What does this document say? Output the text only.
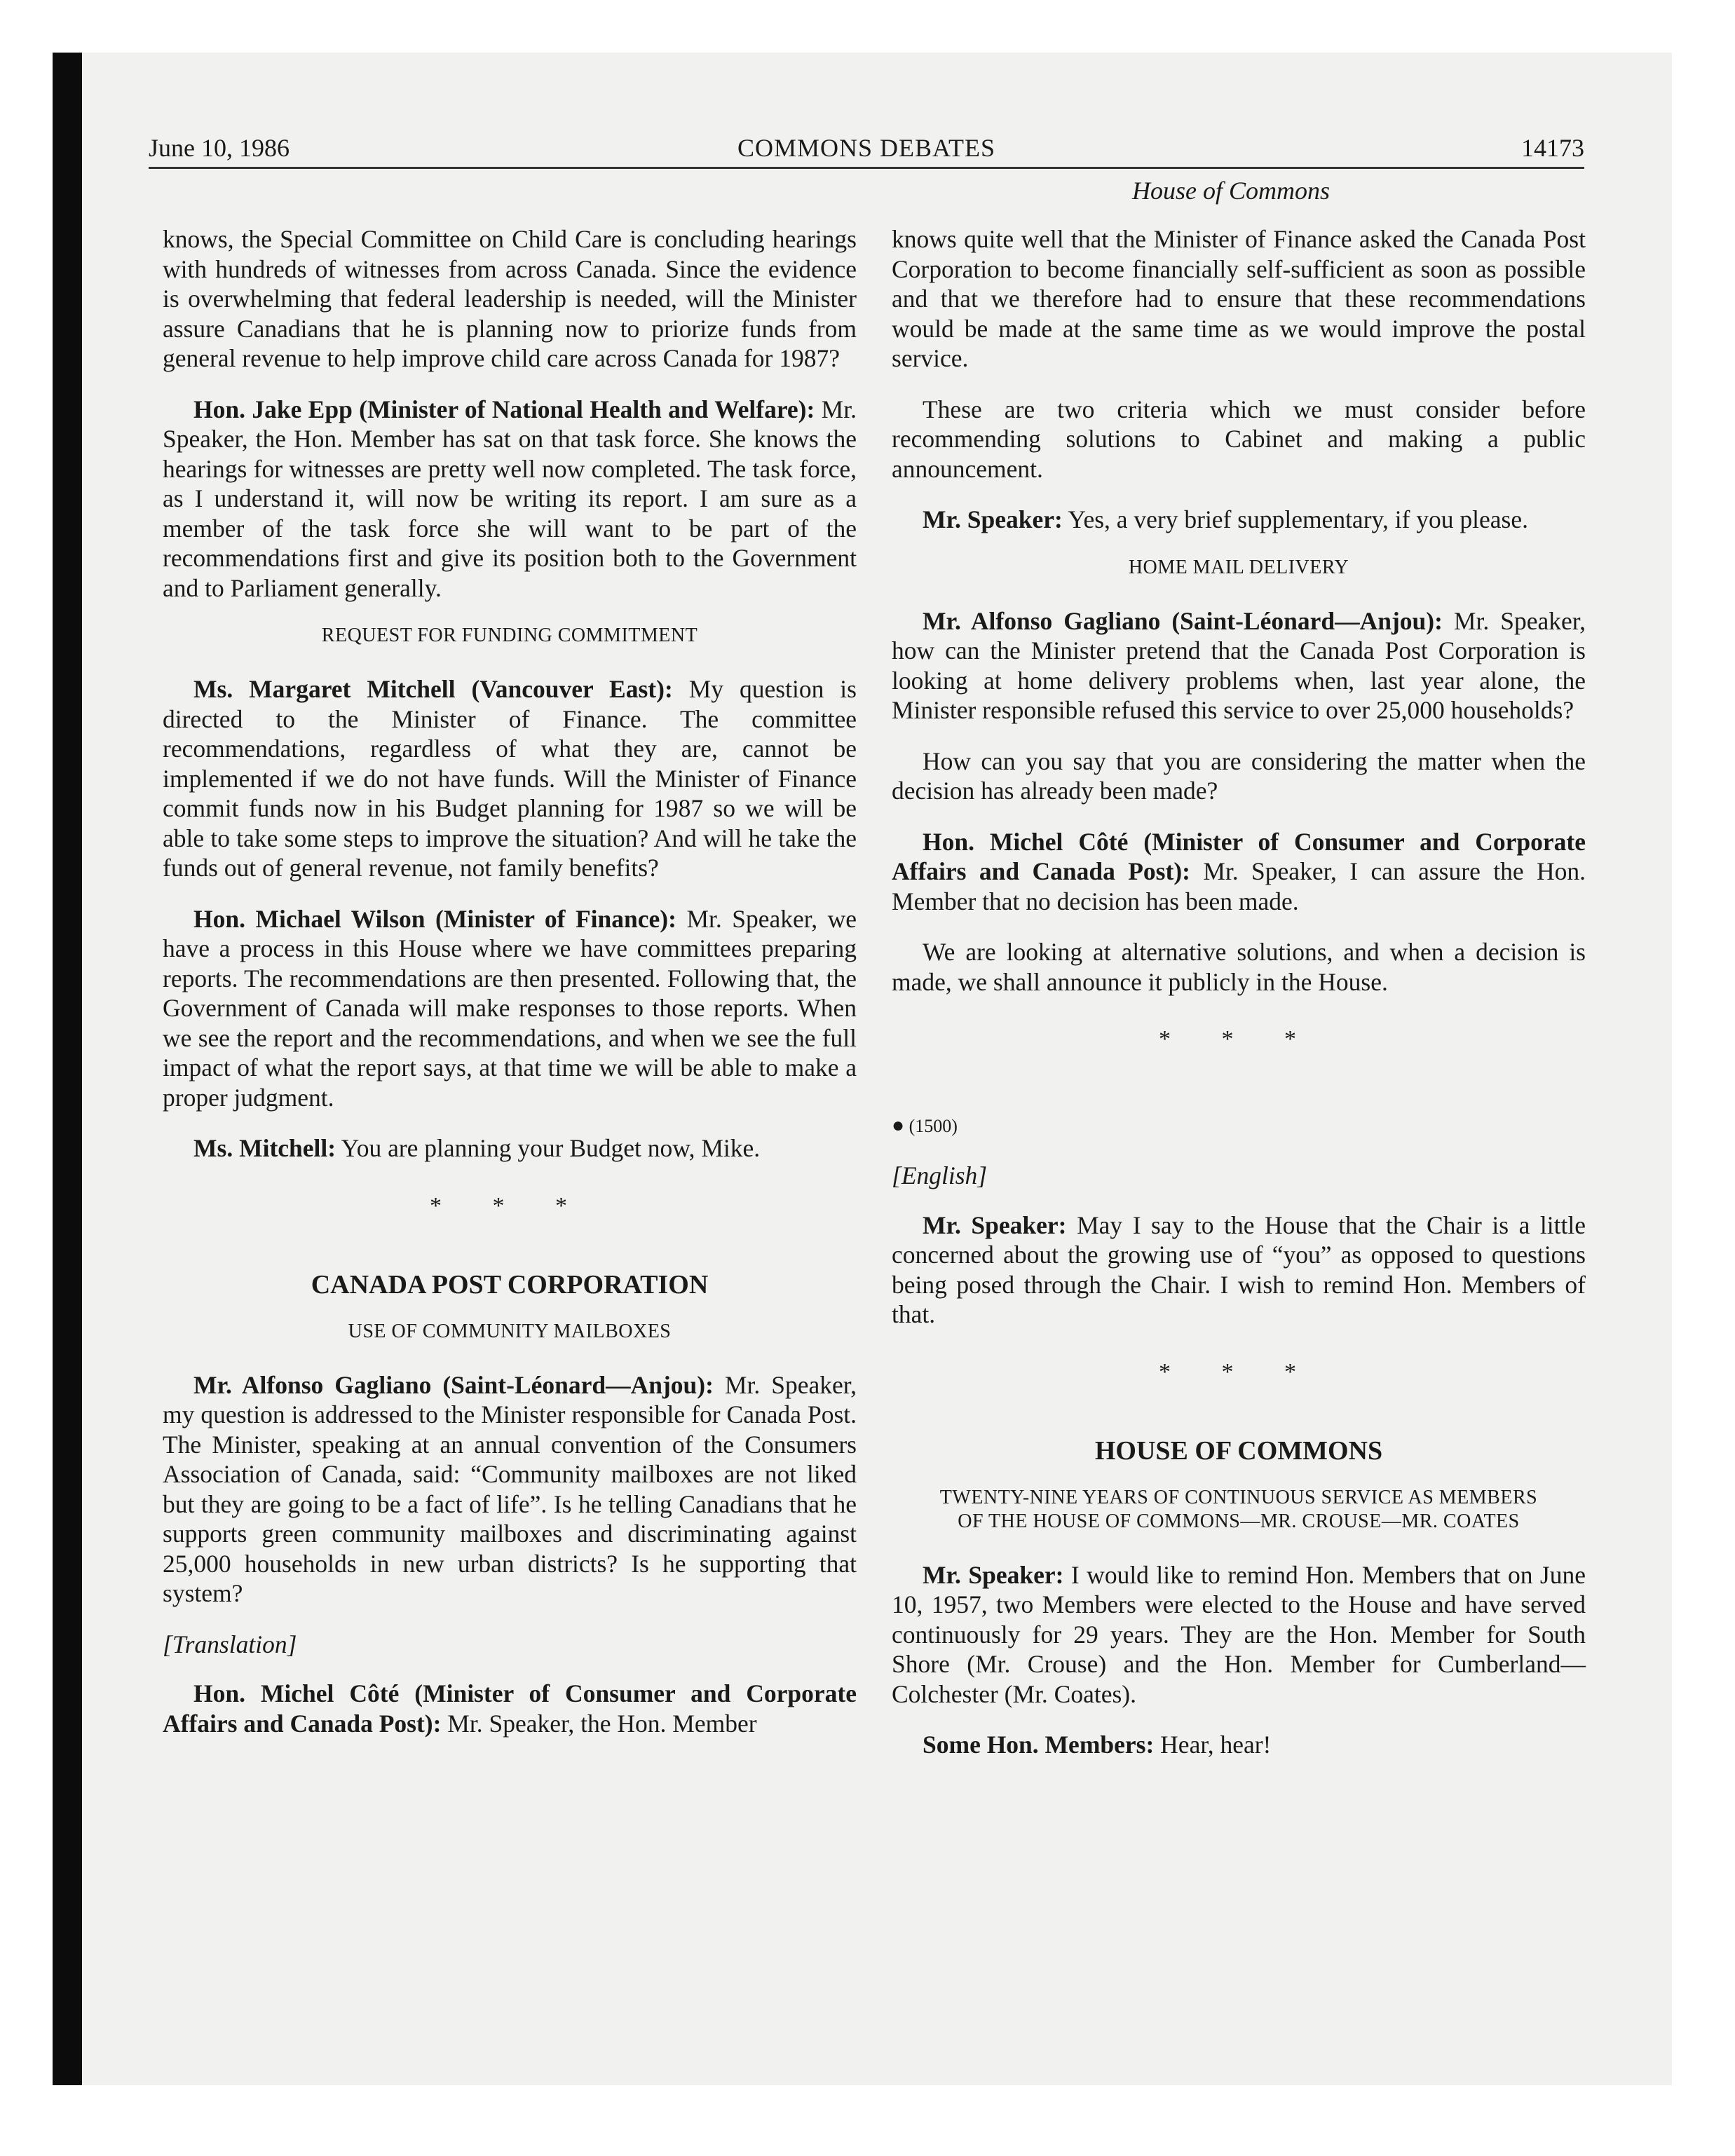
June 10, 1986	COMMONS DEBATES	14173
House of Commons

knows, the Special Committee on Child Care is concluding hearings with hundreds of witnesses from across Canada. Since the evidence is overwhelming that federal leadership is needed, will the Minister assure Canadians that he is planning now to priorize funds from general revenue to help improve child care across Canada for 1987?

Hon. Jake Epp (Minister of National Health and Welfare): Mr. Speaker, the Hon. Member has sat on that task force. She knows the hearings for witnesses are pretty well now completed. The task force, as I understand it, will now be writing its report. I am sure as a member of the task force she will want to be part of the recommendations first and give its position both to the Government and to Parliament generally.

REQUEST FOR FUNDING COMMITMENT

Ms. Margaret Mitchell (Vancouver East): My question is directed to the Minister of Finance. The committee recommendations, regardless of what they are, cannot be implemented if we do not have funds. Will the Minister of Finance commit funds now in his Budget planning for 1987 so we will be able to take some steps to improve the situation? And will he take the funds out of general revenue, not family benefits?

Hon. Michael Wilson (Minister of Finance): Mr. Speaker, we have a process in this House where we have committees preparing reports. The recommendations are then presented. Following that, the Government of Canada will make responses to those reports. When we see the report and the recommendations, and when we see the full impact of what the report says, at that time we will be able to make a proper judgment.

Ms. Mitchell: You are planning your Budget now, Mike.

* * *
CANADA POST CORPORATION
USE OF COMMUNITY MAILBOXES

Mr. Alfonso Gagliano (Saint-Léonard—Anjou): Mr. Speaker, my question is addressed to the Minister responsible for Canada Post. The Minister, speaking at an annual convention of the Consumers Association of Canada, said: “Community mailboxes are not liked but they are going to be a fact of life”. Is he telling Canadians that he supports green community mailboxes and discriminating against 25,000 households in new urban districts? Is he supporting that system?

[Translation]

Hon. Michel Côté (Minister of Consumer and Corporate Affairs and Canada Post): Mr. Speaker, the Hon. Member

knows quite well that the Minister of Finance asked the Canada Post Corporation to become financially self-sufficient as soon as possible and that we therefore had to ensure that these recommendations would be made at the same time as we would improve the postal service.

These are two criteria which we must consider before recommending solutions to Cabinet and making a public announcement.

Mr. Speaker: Yes, a very brief supplementary, if you please.

HOME MAIL DELIVERY

Mr. Alfonso Gagliano (Saint-Léonard—Anjou): Mr. Speaker, how can the Minister pretend that the Canada Post Corporation is looking at home delivery problems when, last year alone, the Minister responsible refused this service to over 25,000 households?

How can you say that you are considering the matter when the decision has already been made?

Hon. Michel Côté (Minister of Consumer and Corporate Affairs and Canada Post): Mr. Speaker, I can assure the Hon. Member that no decision has been made.

We are looking at alternative solutions, and when a decision is made, we shall announce it publicly in the House.

* * *
● (1500)

[English]

Mr. Speaker: May I say to the House that the Chair is a little concerned about the growing use of “you” as opposed to questions being posed through the Chair. I wish to remind Hon. Members of that.

* * *
HOUSE OF COMMONS
TWENTY-NINE YEARS OF CONTINUOUS SERVICE AS MEMBERS
OF THE HOUSE OF COMMONS—MR. CROUSE—MR. COATES

Mr. Speaker: I would like to remind Hon. Members that on June 10, 1957, two Members were elected to the House and have served continuously for 29 years. They are the Hon. Member for South Shore (Mr. Crouse) and the Hon. Member for Cumberland—Colchester (Mr. Coates).

Some Hon. Members: Hear, hear!
